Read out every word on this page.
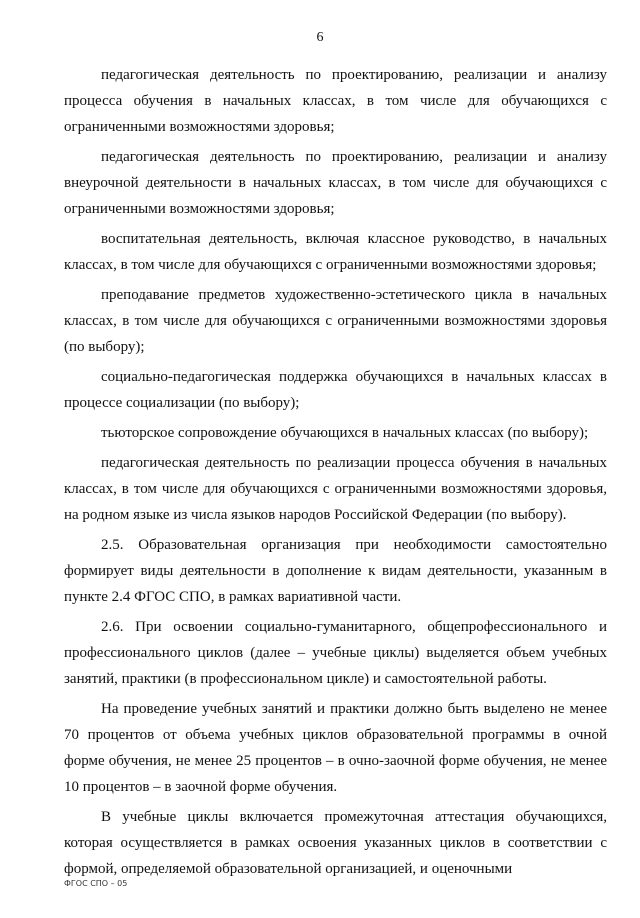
6

педагогическая деятельность по проектированию, реализации и анализу процесса обучения в начальных классах, в том числе для обучающихся с ограниченными возможностями здоровья;

педагогическая деятельность по проектированию, реализации и анализу внеурочной деятельности в начальных классах, в том числе для обучающихся с ограниченными возможностями здоровья;

воспитательная деятельность, включая классное руководство, в начальных классах, в том числе для обучающихся с ограниченными возможностями здоровья;

преподавание предметов художественно-эстетического цикла в начальных классах, в том числе для обучающихся с ограниченными возможностями здоровья (по выбору);

социально-педагогическая поддержка обучающихся в начальных классах в процессе социализации (по выбору);

тьюторское сопровождение обучающихся в начальных классах (по выбору);

педагогическая деятельность по реализации процесса обучения в начальных классах, в том числе для обучающихся с ограниченными возможностями здоровья, на родном языке из числа языков народов Российской Федерации (по выбору).

2.5. Образовательная организация при необходимости самостоятельно формирует виды деятельности в дополнение к видам деятельности, указанным в пункте 2.4 ФГОС СПО, в рамках вариативной части.

2.6. При освоении социально-гуманитарного, общепрофессионального и профессионального циклов (далее – учебные циклы) выделяется объем учебных занятий, практики (в профессиональном цикле) и самостоятельной работы.

На проведение учебных занятий и практики должно быть выделено не менее 70 процентов от объема учебных циклов образовательной программы в очной форме обучения, не менее 25 процентов – в очно-заочной форме обучения, не менее 10 процентов – в заочной форме обучения.

В учебные циклы включается промежуточная аттестация обучающихся, которая осуществляется в рамках освоения указанных циклов в соответствии с формой, определяемой образовательной организацией, и оценочными

ФГОС СПО – 05
